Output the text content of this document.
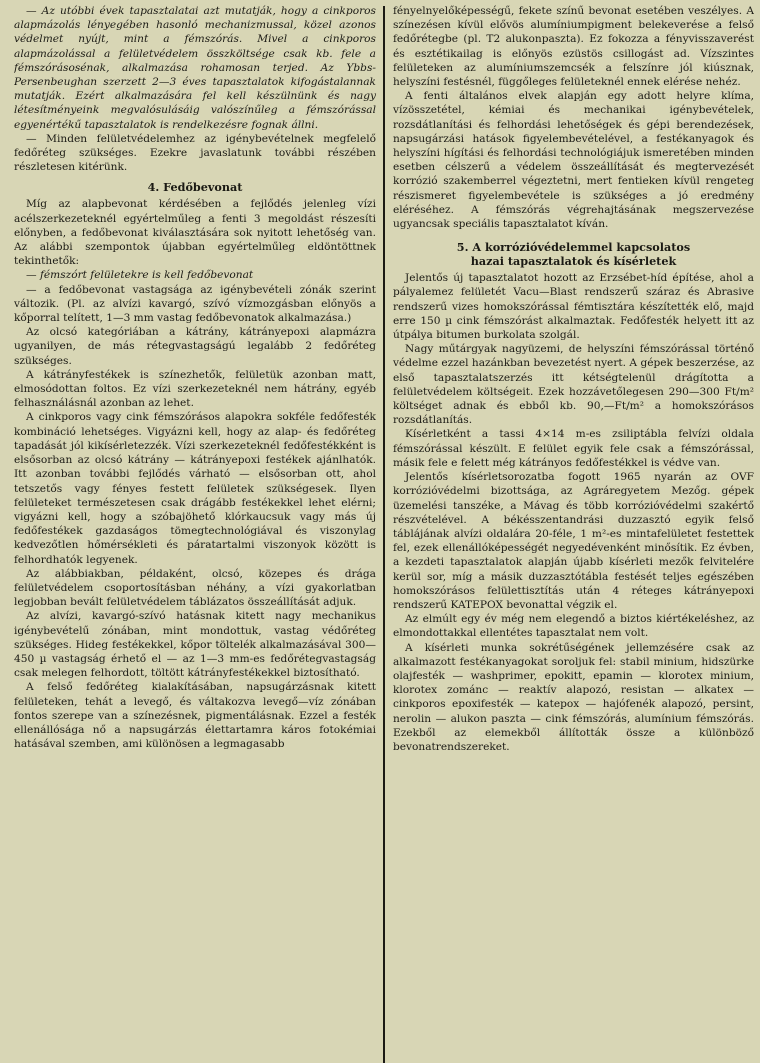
— Az utóbbi évek tapasztalatai azt mutatják, hogy a cinkporos alapmázolás lényegében hasonló mechanizmussal, közel azonos védelmet nyújt, mint a fémszórás. Mivel a cinkporos alapmázolással a felületvédelem összköltsége csak kb. fele a fémszórásosénak, alkalmazása rohamosan terjed. Az Ybbs-Persenbeughan szerzett 2—3 éves tapasztalatok kifogástalannak mutatják. Ezért alkalmazására fel kell készülnünk és nagy létesítményeink megvalósulásáig valószínűleg a fémszórással egyenértékű tapasztalatok is rendelkezésre fognak állni.

— Minden felületvédelemhez az igénybevételnek megfelelő fedőréteg szükséges. Ezekre javaslatunk további részében részletesen kitérünk.

4. Fedőbevonat

Míg az alapbevonat kérdésében a fejlődés jelenleg vízi acélszerkezeteknél egyértelműleg a fenti 3 megoldást részesíti előnyben, a fedőbevonat kiválasztására sok nyitott lehetőség van. Az alábbi szempontok újabban egyértelműleg eldöntöttnek tekinthetők:

— fémszórt felületekre is kell fedőbevonat

— a fedőbevonat vastagsága az igénybevételi zónák szerint változik. (Pl. az alvízi kavargó, szívó vízmozgásban előnyös a kőporral telített, 1—3 mm vastag fedőbevonatok alkalmazása.)

Az olcsó kategóriában a kátrány, kátrányepoxi alapmázra ugyanilyen, de más rétegvastagságú legalább 2 fedőréteg szükséges.

A kátrányfestékek is színezhetők, felületük azonban matt, elmosódottan foltos. Ez vízi szerkezeteknél nem hátrány, egyéb felhasználásnál azonban az lehet.

A cinkporos vagy cink fémszórásos alapokra sokféle fedőfesték kombináció lehetséges. Vigyázni kell, hogy az alap- és fedőréteg tapadását jól kikísérletezzék. Vízi szerkezeteknél fedőfestékként is elsősorban az olcsó kátrány — kátrányepoxi festékek ajánlhatók. Itt azonban további fejlődés várható — elsősorban ott, ahol tetszetős vagy fényes festett felületek szükségesek. Ilyen felületeket természetesen csak drágább festékekkel lehet elérni; vigyázni kell, hogy a szóbajöhető klórkaucsuk vagy más új fedőfestékek gazdaságos tömegtechnológiával és viszonylag kedvezőtlen hőmérsékleti és páratartalmi viszonyok között is felhordhatók legyenek.

Az alábbiakban, példaként, olcsó, közepes és drága felületvédelem csoportosításban néhány, a vízi gyakorlatban legjobban bevált felületvédelem táblázatos összeállítását adjuk.

Az alvízi, kavargó-szívó hatásnak kitett nagy mechanikus igénybevételű zónában, mint mondottuk, vastag védőréteg szükséges. Hideg festékekkel, kőpor töltelék alkalmazásával 300—450 µ vastagság érhető el — az 1—3 mm-es fedőrétegvastagság csak melegen felhordott, töltött kátrányfestékekkel biztosítható.

A felső fedőréteg kialakításában, napsugárzásnak kitett felületeken, tehát a levegő, és váltakozva levegő—víz zónában fontos szerepe van a színezésnek, pigmentálásnak. Ezzel a festék ellenállósága nő a napsugárzás élettartamra káros fotokémiai hatásával szemben, ami különösen a legmagasabb

fényelnyelőképességű, fekete színű bevonat esetében veszélyes. A színezésen kívül elővös alumíniumpigment belekeverése a felső fedőrétegbe (pl. T2 alukonpaszta). Ez fokozza a fényvisszaverést és esztétikailag is előnyös ezüstös csillogást ad. Vízszintes felületeken az alumíniumszemcsék a felszínre jól kiúsznak, helyszíni festésnél, függőleges felületeknél ennek elérése nehéz.

A fenti általános elvek alapján egy adott helyre klíma, vízösszetétel, kémiai és mechanikai igénybevételek, rozsdátlanítási és felhordási lehetőségek és gépi berendezések, napsugárzási hatások figyelembevételével, a festékanyagok és helyszíni hígítási és felhordási technológiájuk ismeretében minden esetben célszerű a védelem összeállítását és megtervezését korrózió szakemberrel végeztetni, mert fentieken kívül rengeteg részismeret figyelembevétele is szükséges a jó eredmény eléréséhez. A fémszórás végrehajtásának megszervezése ugyancsak speciális tapasztalatot kíván.

5. A korrózióvédelemmel kapcsolatos
hazai tapasztalatok és kísérletek

Jelentős új tapasztalatot hozott az Erzsébet-híd építése, ahol a pályalemez felületét Vacu—Blast rendszerű száraz és Abrasive rendszerű vizes homokszórással fémtisztára készítették elő, majd erre 150 µ cink fémszórást alkalmaztak. Fedőfesték helyett itt az útpálya bitumen burkolata szolgál.

Nagy műtárgyak nagyüzemi, de helyszíni fémszórással történő védelme ezzel hazánkban bevezetést nyert. A gépek beszerzése, az első tapasztalatszerzés itt kétségtelenül drágította a felületvédelem költségeit. Ezek hozzávetőlegesen 290—300 Ft/m² költséget adnak és ebből kb. 90,—Ft/m² a homokszórásos rozsdátlanítás.

Kísérletként a tassi 4×14 m-es zsiliptábla felvízi oldala fémszórással készült. E felület egyik fele csak a fémszórással, másik fele e felett még kátrányos fedőfestékkel is védve van.

Jelentős kísérletsorozatba fogott 1965 nyarán az OVF korrózióvédelmi bizottsága, az Agráregyetem Mezőg. gépek üzemelési tanszéke, a Mávag és több korrózióvédelmi szakértő részvételével. A békésszentandrási duzzasztó egyik felső táblájának alvízi oldalára 20-féle, 1 m²-es mintafelületet festettek fel, ezek ellenállóképességét negyedévenként minősítik. Ez évben, a kezdeti tapasztalatok alapján újabb kísérleti mezők felvitelére kerül sor, míg a másik duzzasztótábla festését teljes egészében homokszórásos felülettisztítás után 4 réteges kátrányepoxi rendszerű KATEPOX bevonattal végzik el.

Az elmúlt egy év még nem elegendő a biztos kiértékeléshez, az elmondottakkal ellentétes tapasztalat nem volt.

A kísérleti munka sokrétűségének jellemzésére csak az alkalmazott festékanyagokat soroljuk fel: stabil minium, hidszürke olajfesték — washprimer, epokitt, epamin — klorotex minium, klorotex zománc — reaktív alapozó, resistan — alkatex — cinkporos epoxifesték — katepox — hajófenék alapozó, persint, nerolin — alukon paszta — cink fémszórás, alumínium fémszórás. Ezekből az elemekből állították össze a különböző bevonatrendszereket.
